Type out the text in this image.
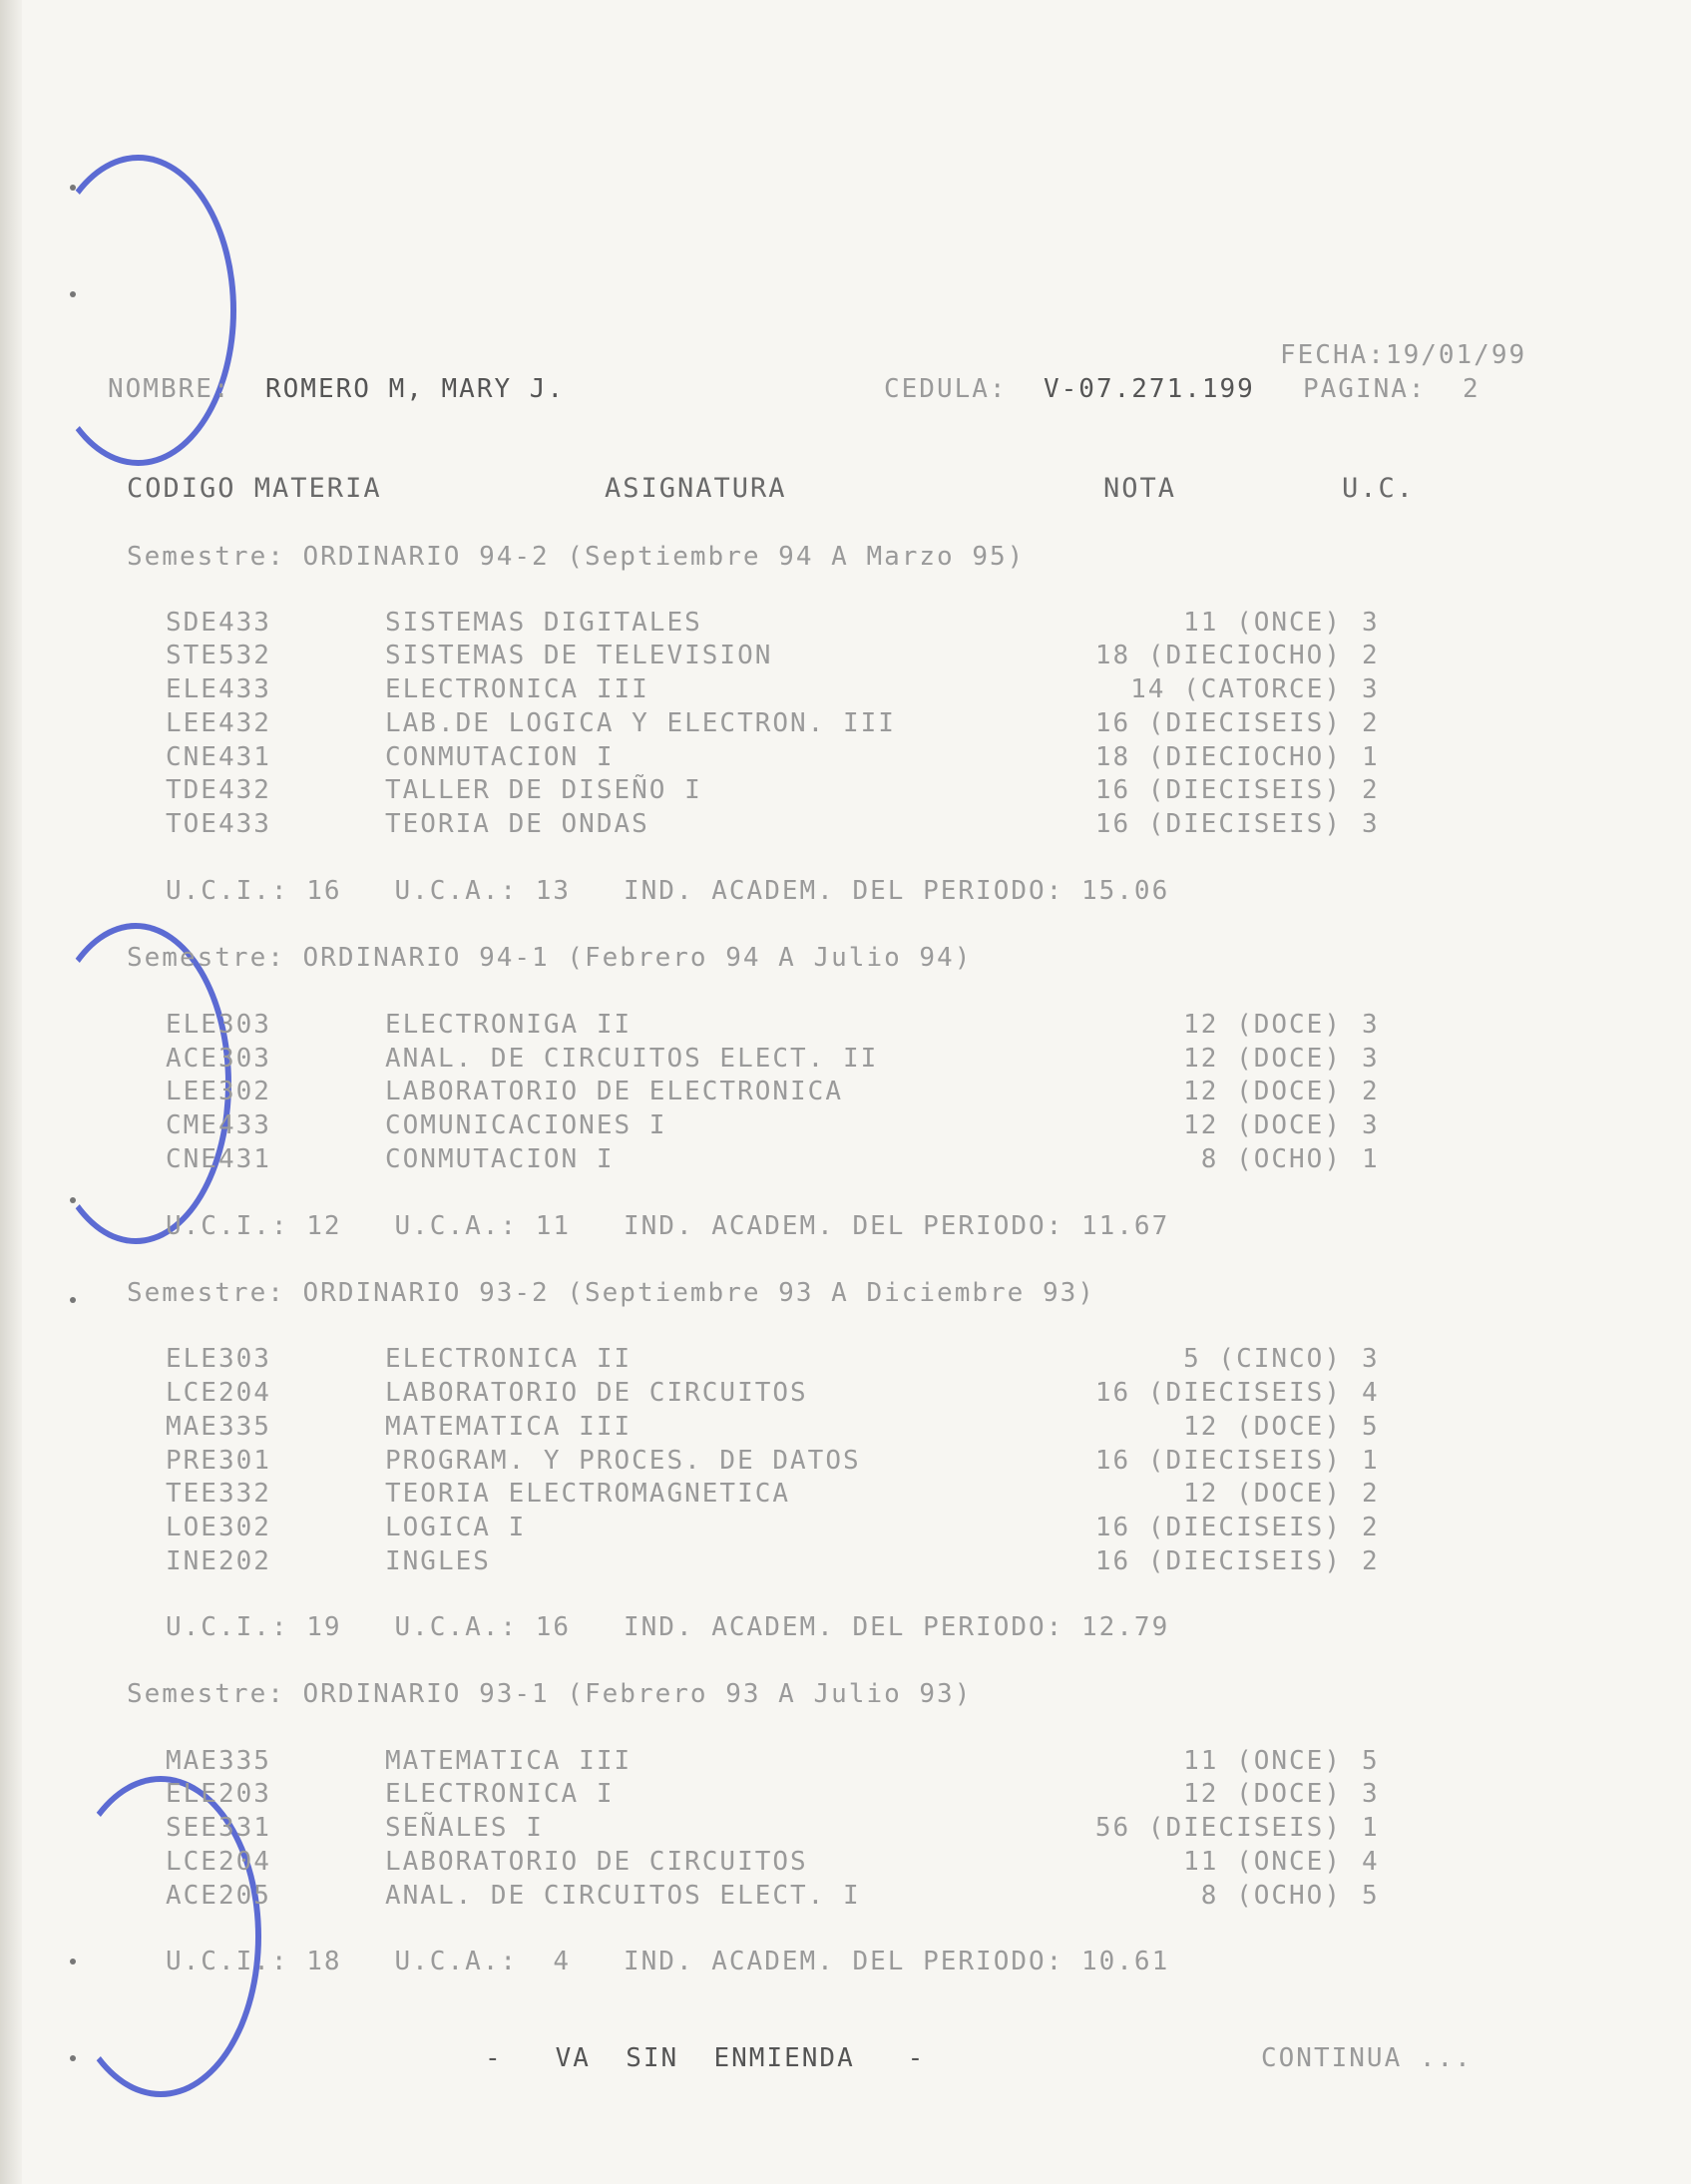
FECHA:19/01/99
NOMBRE: ROMERO M, MARY J.	CEDULA: V-07.271.199 PAGINA: 2
CODIGO MATERIA	ASIGNATURA	NOTA	U.C.
Semestre: ORDINARIO 94-2 (Septiembre 94 A Marzo 95)
SDE433	SISTEMAS DIGITALES	11 (ONCE) 3
STE532	SISTEMAS DE TELEVISION	18 (DIECIOCHO) 2
ELE433	ELECTRONICA III	14 (CATORCE) 3
LEE432	LAB.DE LOGICA Y ELECTRON. III	16 (DIECISEIS) 2
CNE431	CONMUTACION I	18 (DIECIOCHO) 1
TDE432	TALLER DE DISEÑO I	16 (DIECISEIS) 2
TOE433	TEORIA DE ONDAS	16 (DIECISEIS) 3
U.C.I.: 16   U.C.A.: 13   IND. ACADEM. DEL PERIODO: 15.06
Semestre: ORDINARIO 94-1 (Febrero 94 A Julio 94)
ELE303	ELECTRONIGA II	12 (DOCE) 3
ACE303	ANAL. DE CIRCUITOS ELECT. II	12 (DOCE) 3
LEE302	LABORATORIO DE ELECTRONICA	12 (DOCE) 2
CME433	COMUNICACIONES I	12 (DOCE) 3
CNE431	CONMUTACION I	8 (OCHO) 1
U.C.I.: 12   U.C.A.: 11   IND. ACADEM. DEL PERIODO: 11.67
Semestre: ORDINARIO 93-2 (Septiembre 93 A Diciembre 93)
ELE303	ELECTRONICA II	5 (CINCO) 3
LCE204	LABORATORIO DE CIRCUITOS	16 (DIECISEIS) 4
MAE335	MATEMATICA III	12 (DOCE) 5
PRE301	PROGRAM. Y PROCES. DE DATOS	16 (DIECISEIS) 1
TEE332	TEORIA ELECTROMAGNETICA	12 (DOCE) 2
LOE302	LOGICA I	16 (DIECISEIS) 2
INE202	INGLES	16 (DIECISEIS) 2
U.C.I.: 19   U.C.A.: 16   IND. ACADEM. DEL PERIODO: 12.79
Semestre: ORDINARIO 93-1 (Febrero 93 A Julio 93)
MAE335	MATEMATICA III	11 (ONCE) 5
ELE203	ELECTRONICA I	12 (DOCE) 3
SEE331	SEÑALES I	56 (DIECISEIS) 1
LCE204	LABORATORIO DE CIRCUITOS	11 (ONCE) 4
ACE205	ANAL. DE CIRCUITOS ELECT. I	8 (OCHO) 5
U.C.I.: 18   U.C.A.:  4   IND. ACADEM. DEL PERIODO: 10.61
-   VA  SIN  ENMIENDA   -	CONTINUA ...
